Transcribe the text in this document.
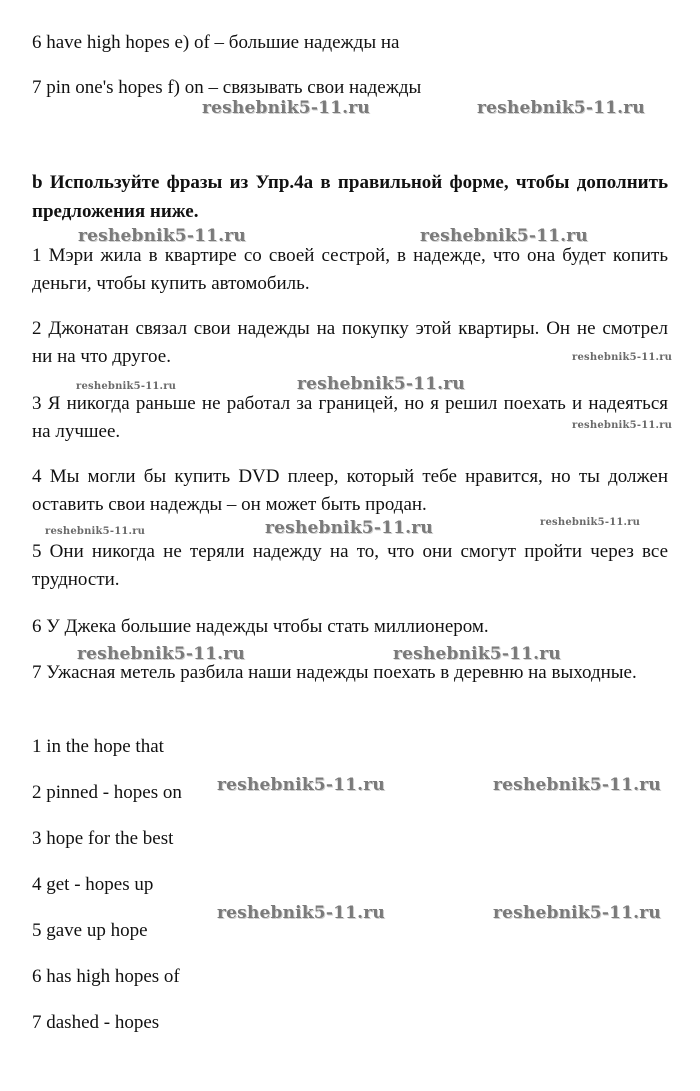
6 have high hopes e) of – большие надежды на
7 pin one's hopes f) on – связывать свои надежды
b Используйте фразы из Упр.4a в правильной форме, чтобы дополнить предложения ниже.
1 Мэри жила в квартире со своей сестрой, в надежде, что она будет копить деньги, чтобы купить автомобиль.
2 Джонатан связал свои надежды на покупку этой квартиры. Он не смотрел ни на что другое.
3 Я никогда раньше не работал за границей, но я решил поехать и надеяться на лучшее.
4 Мы могли бы купить DVD плеер, который тебе нравится, но ты должен оставить свои надежды – он может быть продан.
5 Они никогда не теряли надежду на то, что они смогут пройти через все трудности.
6 У Джека большие надежды чтобы стать миллионером.
7 Ужасная метель разбила наши надежды поехать в деревню на выходные.
1 in the hope that
2 pinned - hopes on
3 hope for the best
4 get - hopes up
5 gave up hope
6 has high hopes of
7 dashed - hopes
reshebnik5-11.ru	reshebnik5-11.ru
reshebnik5-11.ru	reshebnik5-11.ru
reshebnik5-11.ru
reshebnik5-11.ru	reshebnik5-11.ru
reshebnik5-11.ru
reshebnik5-11.ru	reshebnik5-11.ru	reshebnik5-11.ru
reshebnik5-11.ru	reshebnik5-11.ru
reshebnik5-11.ru	reshebnik5-11.ru
reshebnik5-11.ru	reshebnik5-11.ru
